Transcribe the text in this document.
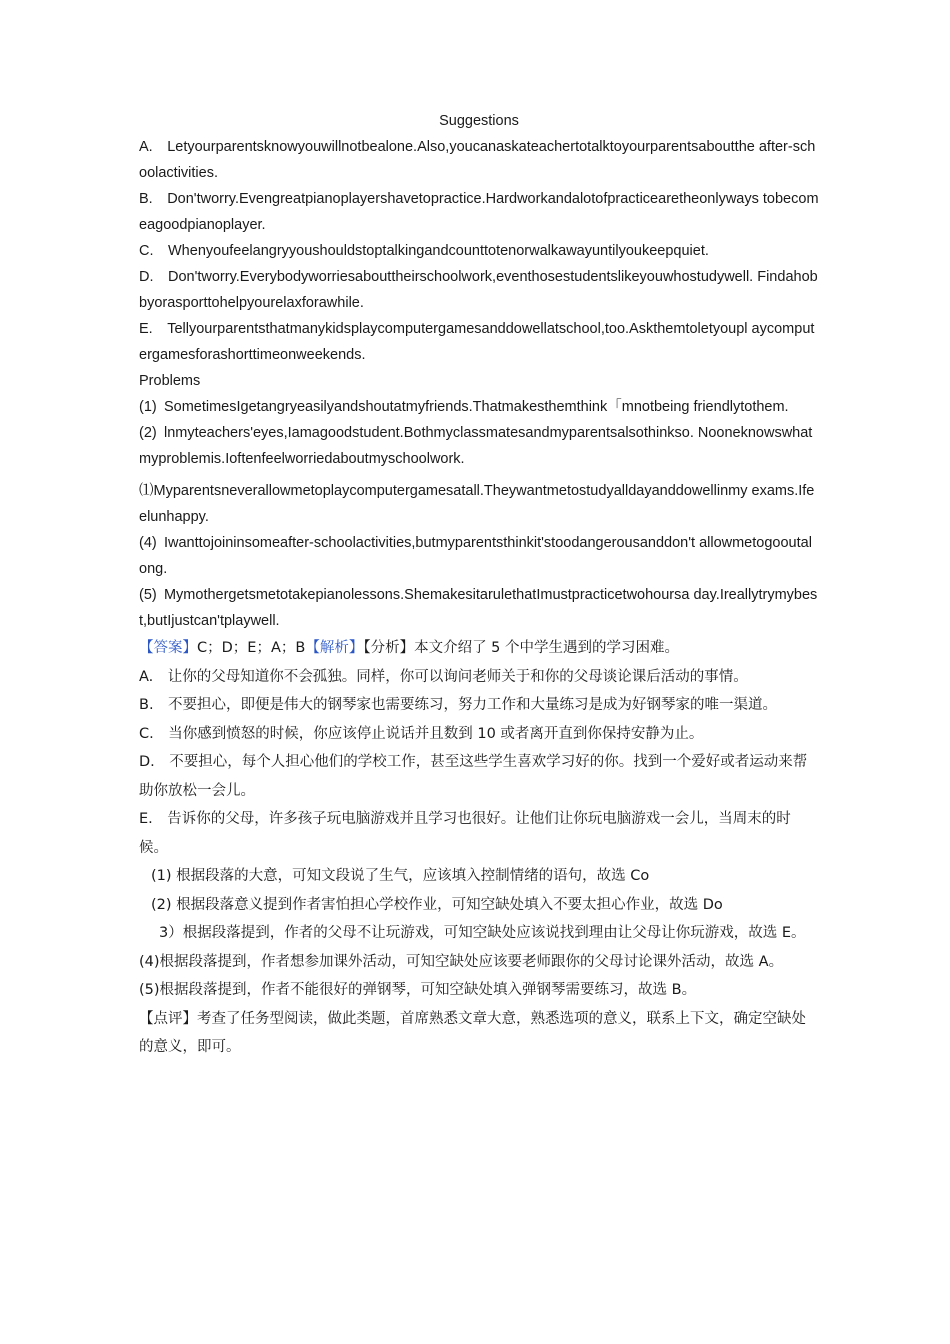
Suggestions

A. Letyourparentsknowyouwillnotbealone.Also,youcanaskateachertotalktoyourparentsaboutthe after-schoolactivities.

B. Don'tworry.Evengreatpianoplayershavetopractice.Hardworkandalotofpracticearetheonlyways tobecomeagoodpianoplayer.

C. Whenyoufeelangryyoushouldstoptalkingandcounttotenorwalkawayuntilyoukeepquiet.

D. Don'tworry.Everybodyworriesabouttheirschoolwork,eventhosestudentslikeyouwhostudywell. Findahobbyorasporttohelpyourelaxforawhile.

E. Tellyourparentsthatmanykidsplaycomputergamesanddowellatschool,too.Askthemtoletyoupl aycomputergamesforashorttimeonweekends.

Problems

(1) SometimesIgetangryeasilyandshoutatmyfriends.Thatmakesthemthink「mnotbeing friendlytothem.

(2) lnmyteachers'eyes,Iamagoodstudent.Bothmyclassmatesandmyparentsalsothinkso. Nooneknowswhatmyproblemis.Ioftenfeelworriedaboutmyschoolwork.

⑴Myparentsneverallowmetoplaycomputergamesatall.Theywantmetostudyalldayanddowellinmy exams.Ifeelunhappy.

(4) Iwanttojoininsomeafter-schoolactivities,butmyparentsthinkit'stoodangerousanddon't allowmetogooutalong.

(5) Mymothergetsmetotakepianolessons.ShemakesitarulethatImustpracticetwohoursa day.Ireallytrymybest,butIjustcan'tplaywell.

【答案】C；D；E；A；B【解析】【分析】本文介绍了 5 个中学生遇到的学习困难。

A. 让你的父母知道你不会孤独。同样，你可以询问老师关于和你的父母谈论课后活动的事情。

B. 不要担心，即便是伟大的钢琴家也需要练习，努力工作和大量练习是成为好钢琴家的唯一渠道。

C. 当你感到愤怒的时候，你应该停止说话并且数到 10 或者离开直到你保持安静为止。

D. 不要担心，每个人担心他们的学校工作，甚至这些学生喜欢学习好的你。找到一个爱好或者运动来帮助你放松一会儿。

E. 告诉你的父母，许多孩子玩电脑游戏并且学习也很好。让他们让你玩电脑游戏一会儿，当周末的时候。

(1) 根据段落的大意，可知文段说了生气，应该填入控制情绪的语句，故选 Co

(2) 根据段落意义提到作者害怕担心学校作业，可知空缺处填入不要太担心作业，故选 Do

3）根据段落提到，作者的父母不让玩游戏，可知空缺处应该说找到理由让父母让你玩游戏，故选 E。

(4)根据段落提到，作者想参加课外活动，可知空缺处应该要老师跟你的父母讨论课外活动，故选 A。

(5)根据段落提到，作者不能很好的弹钢琴，可知空缺处填入弹钢琴需要练习，故选 B。

【点评】考查了任务型阅读，做此类题，首席熟悉文章大意，熟悉选项的意义，联系上下文，确定空缺处的意义，即可。
